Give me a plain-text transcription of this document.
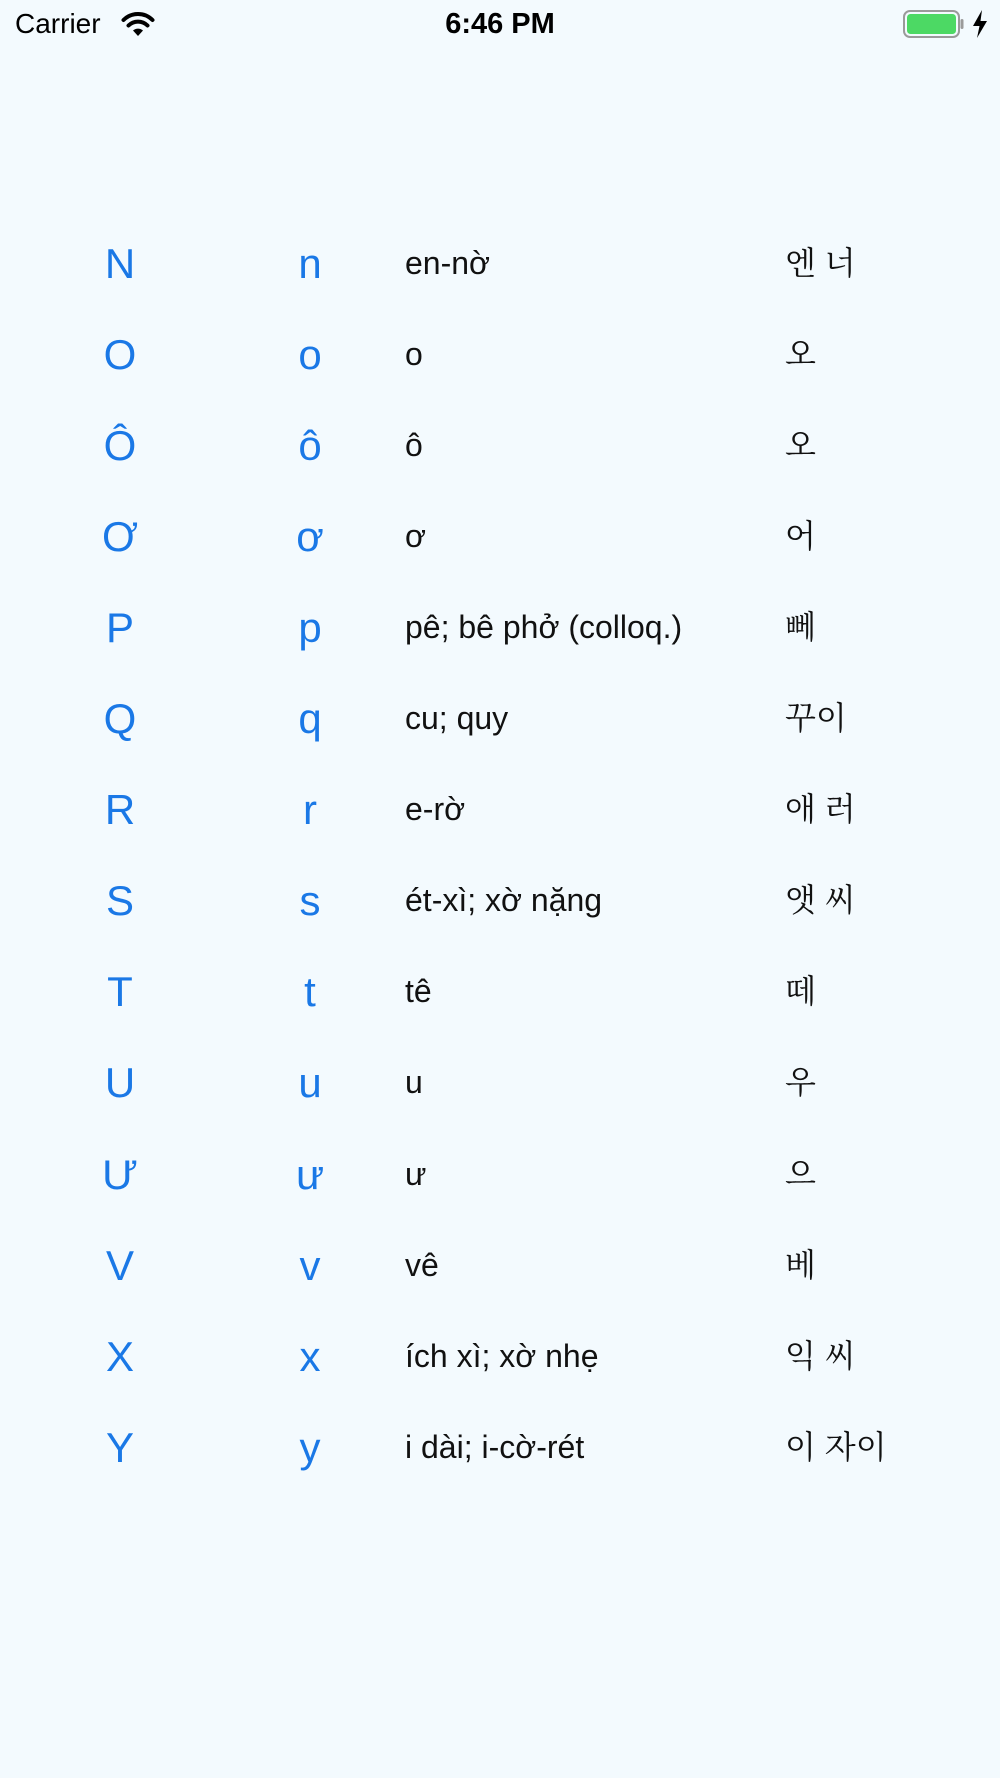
Carrier	6:46 PM
N	n	en-nờ	엔 너
O	o	o	오
Ô	ô	ô	오
Ơ	ơ	ơ	어
P	p	pê; bê phở (colloq.)	뻬
Q	q	cu; quy	꾸이
R	r	e-rờ	애 러
S	s	ét-xì; xờ nặng	앳 씨
T	t	tê	떼
U	u	u	우
Ư	ư	ư	으
V	v	vê	베
X	x	ích xì; xờ nhẹ	익 씨
Y	y	i dài; i-cờ-rét	이 자이
